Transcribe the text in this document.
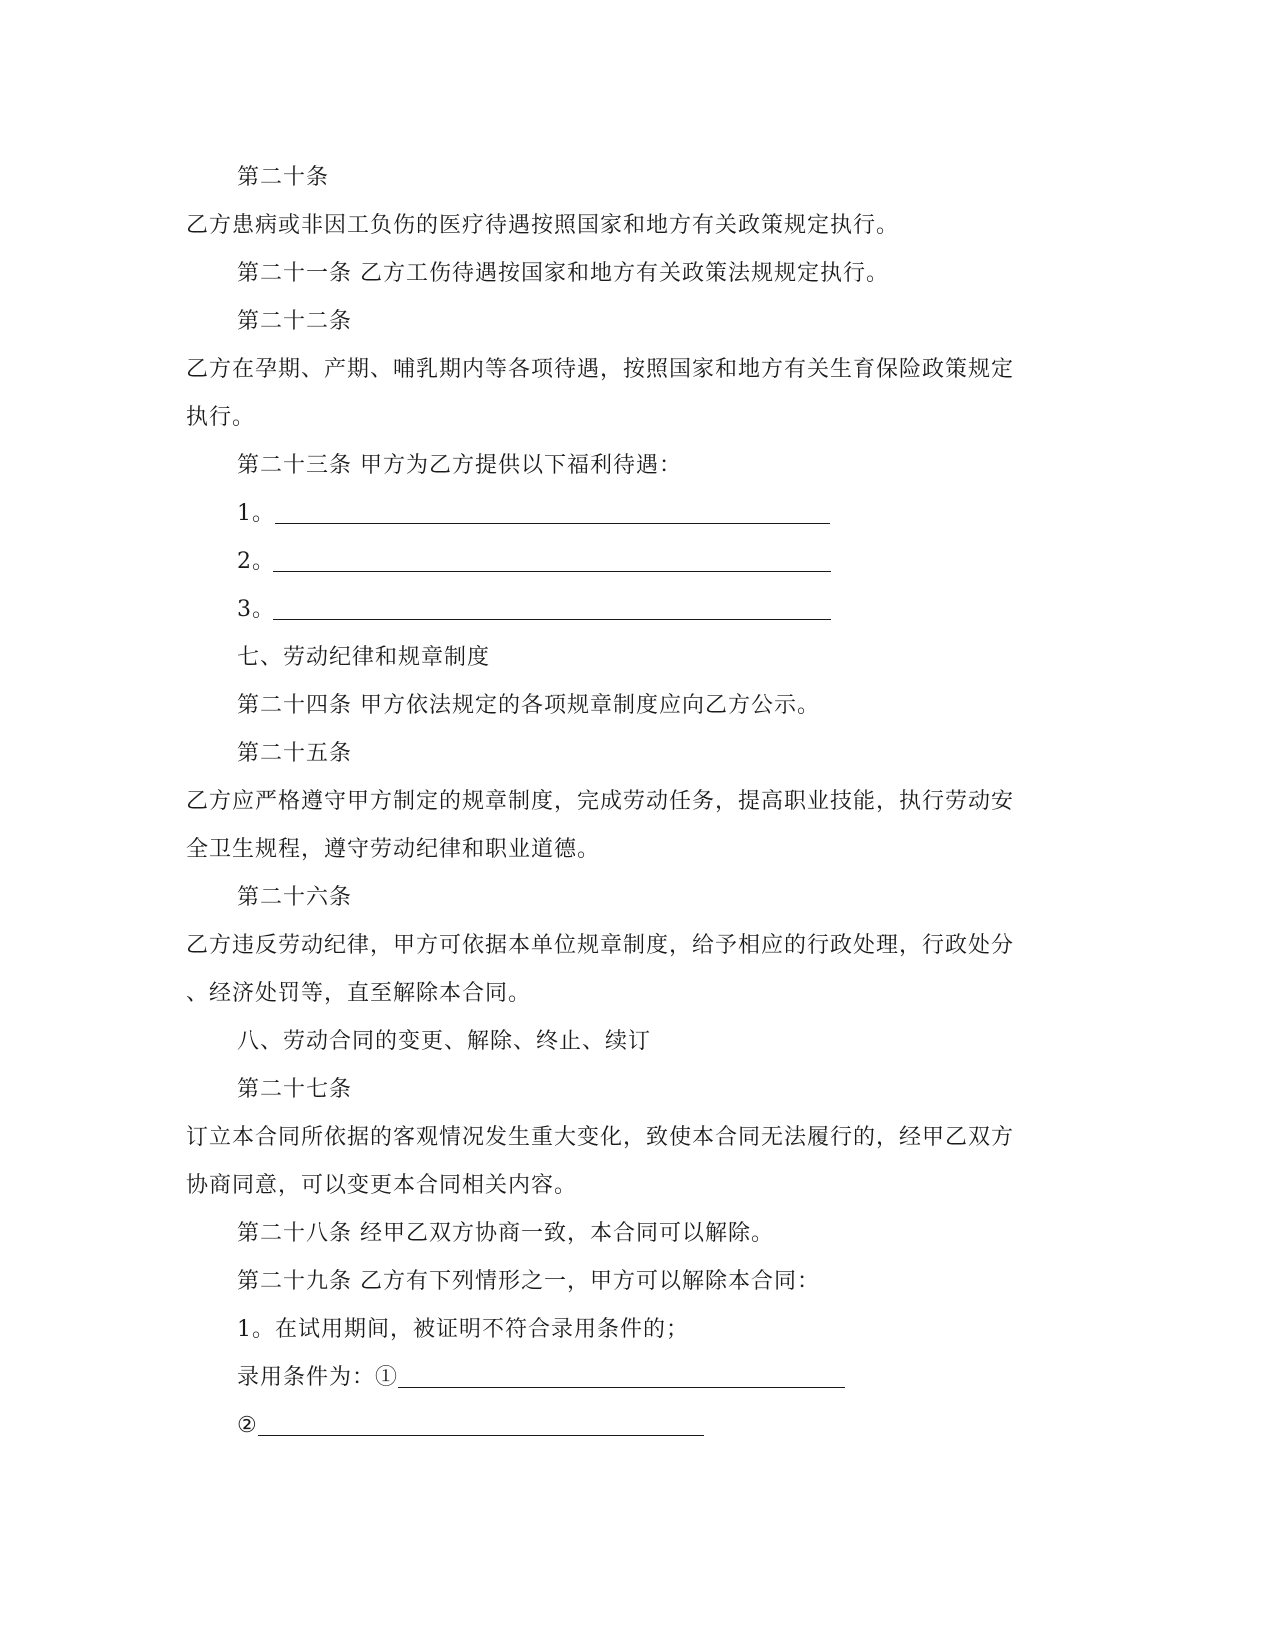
第二十条
乙方患病或非因工负伤的医疗待遇按照国家和地方有关政策规定执行。
第二十一条 乙方工伤待遇按国家和地方有关政策法规规定执行。
第二十二条
乙方在孕期、产期、哺乳期内等各项待遇，按照国家和地方有关生育保险政策规定
执行。
第二十三条 甲方为乙方提供以下福利待遇：
1。
2。
3。
七、劳动纪律和规章制度
第二十四条 甲方依法规定的各项规章制度应向乙方公示。
第二十五条
乙方应严格遵守甲方制定的规章制度，完成劳动任务，提高职业技能，执行劳动安
全卫生规程，遵守劳动纪律和职业道德。
第二十六条
乙方违反劳动纪律，甲方可依据本单位规章制度，给予相应的行政处理，行政处分
、经济处罚等，直至解除本合同。
八、劳动合同的变更、解除、终止、续订
第二十七条
订立本合同所依据的客观情况发生重大变化，致使本合同无法履行的，经甲乙双方
协商同意，可以变更本合同相关内容。
第二十八条 经甲乙双方协商一致，本合同可以解除。
第二十九条 乙方有下列情形之一，甲方可以解除本合同：
1。在试用期间，被证明不符合录用条件的；
录用条件为：①
②
